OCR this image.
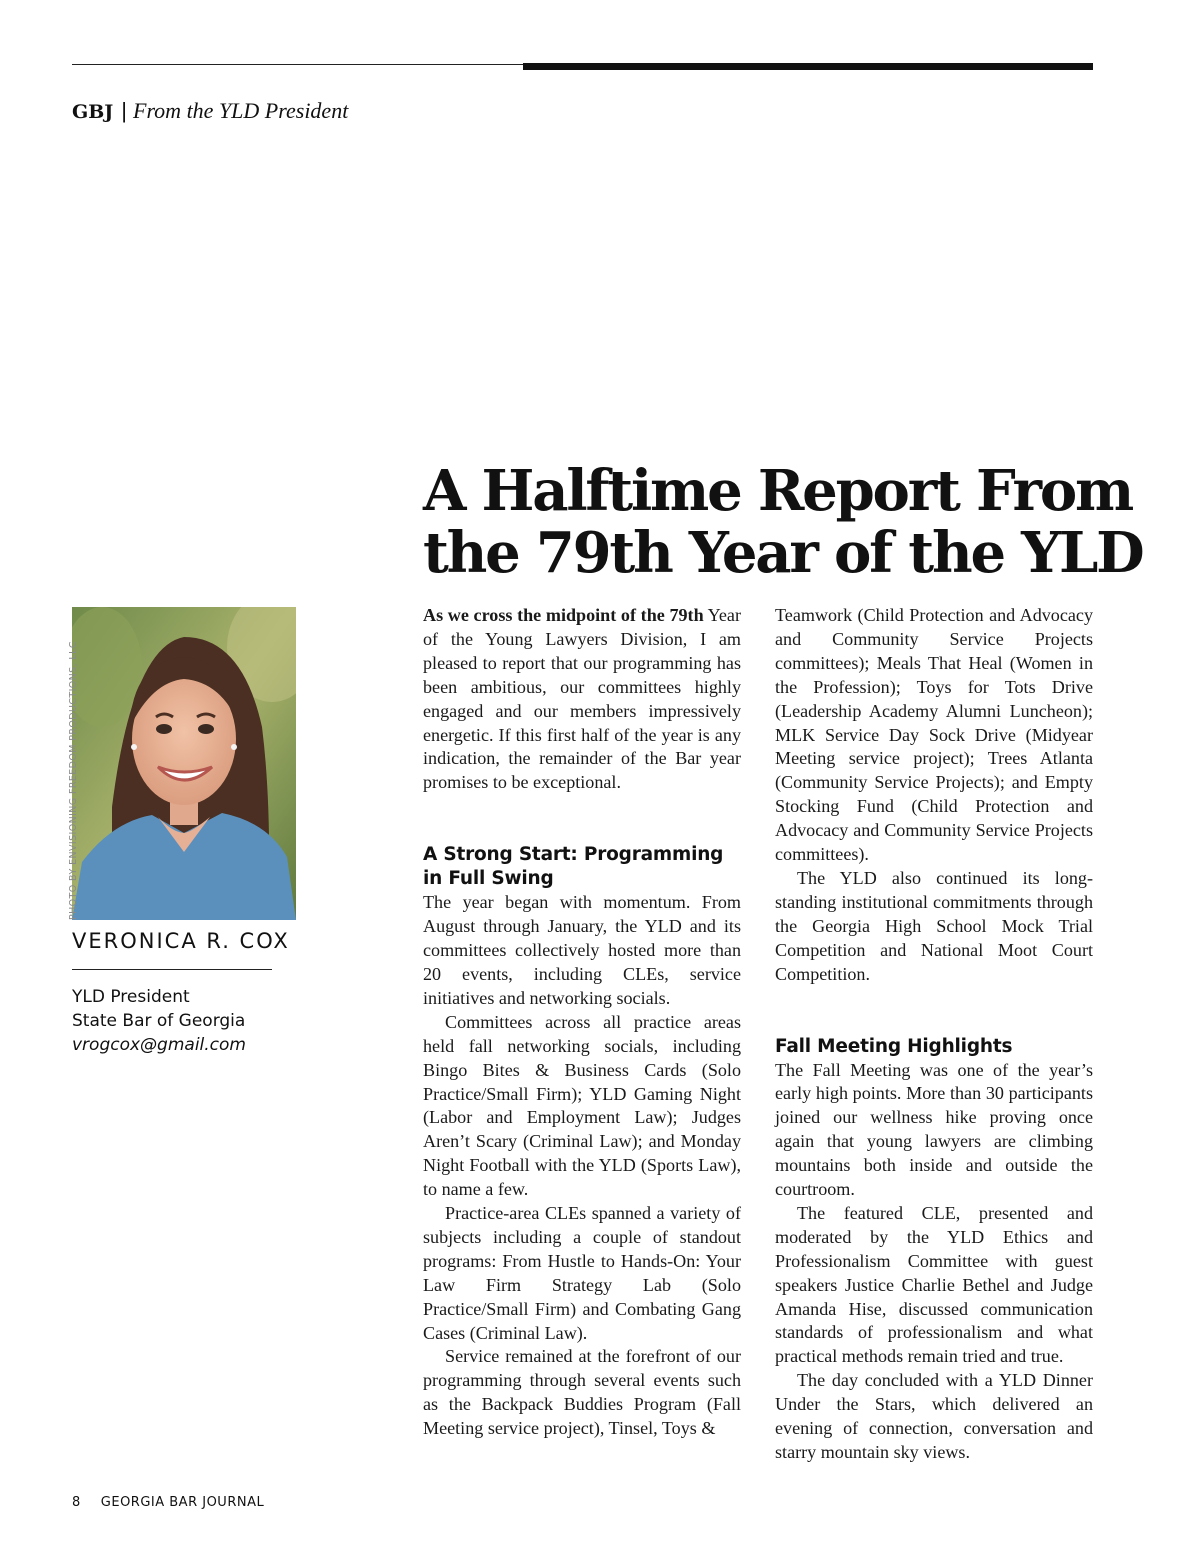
GBJ | From the YLD President
A Halftime Report From
the 79th Year of the YLD
PHOTO BY ENVISIONING FREEDOM PRODUCTIONS, LLC
VERONICA R. COX
YLD President
State Bar of Georgia
vrogcox@gmail.com

As we cross the midpoint of the 79th Year of the Young Lawyers Division, I am pleased to report that our programming has been ambitious, our committees highly engaged and our members impressively energetic. If this first half of the year is any indication, the remainder of the Bar year promises to be exceptional.

A Strong Start: Programming in Full Swing

The year began with momentum. From August through January, the YLD and its committees collectively hosted more than 20 events, including CLEs, service initiatives and networking socials.

Committees across all practice areas held fall networking socials, including Bingo Bites & Business Cards (Solo Practice/Small Firm); YLD Gaming Night (Labor and Employment Law); Judges Aren’t Scary (Criminal Law); and Monday Night Football with the YLD (Sports Law), to name a few.

Practice-area CLEs spanned a variety of subjects including a couple of standout programs: From Hustle to Hands-On: Your Law Firm Strategy Lab (Solo Practice/Small Firm) and Combating Gang Cases (Criminal Law).

Service remained at the forefront of our programming through several events such as the Backpack Buddies Program (Fall Meeting service project), Tinsel, Toys &

Teamwork (Child Protection and Advocacy and Community Service Projects committees); Meals That Heal (Women in the Profession); Toys for Tots Drive (Leadership Academy Alumni Luncheon); MLK Service Day Sock Drive (Midyear Meeting service project); Trees Atlanta (Community Service Projects); and Empty Stocking Fund (Child Protection and Advocacy and Community Service Projects committees).

The YLD also continued its long-standing institutional commitments through the Georgia High School Mock Trial Competition and National Moot Court Competition.

Fall Meeting Highlights

The Fall Meeting was one of the year’s early high points. More than 30 participants joined our wellness hike proving once again that young lawyers are climbing mountains both inside and outside the courtroom.

The featured CLE, presented and moderated by the YLD Ethics and Professionalism Committee with guest speakers Justice Charlie Bethel and Judge Amanda Hise, discussed communication standards of professionalism and what practical methods remain tried and true.

The day concluded with a YLD Dinner Under the Stars, which delivered an evening of connection, conversation and starry mountain sky views.

8 GEORGIA BAR JOURNAL
